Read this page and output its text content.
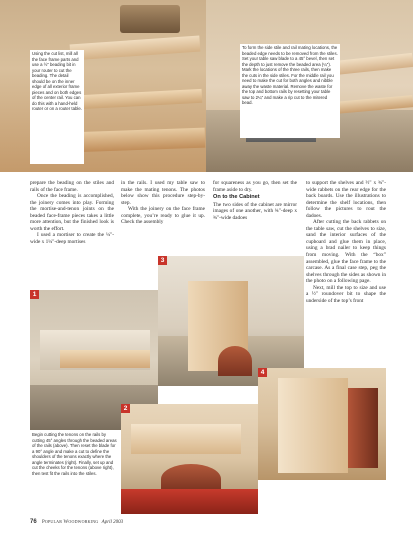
Using the cut list, mill all the face frame parts and use a ½" beading bit in your router to cut the beading. The detail should be on the inner edge of all exterior frame pieces and on both edges of the center rail. You can do this with a hand-held router or on a router table.
To form the side stile and rail mating locations, the beaded edge needs to be removed from the stiles. Set your table saw blade to a 45° bevel, then set the depth to just remove the beaded area (¼"). Mark the locations of the three rails, then make the cuts in the side stiles. For the middle rail you need to make the cut for both angles and nibble away the waste material. Remove the waste for the top and bottom rails by resetting your table saw to 2¼" and make a rip cut to the mitered bead.

prepare the beading on the stiles and rails of the face frame.

Once the beading is accomplished, the joinery comes into play. Forming the mortise-and-tenon joints on the beaded face-frame pieces takes a little more attention, but the finished look is worth the effort.

I used a mortiser to create the ¼"-wide x 1¼"-deep mortises

in the rails. I used my table saw to make the mating tenons. The photos below show this procedure step-by-step.

With the joinery on the face frame complete, you’re ready to glue it up. Check the assembly

for squareness as you go, then set the frame aside to dry.

On to the Cabinet

The two sides of the cabinet are mirror images of one another, with ¾"-deep x ¾"-wide dadoes

to support the shelves and ½" x ¾"-wide rabbets on the rear edge for the back boards. Use the illustrations to determine the shelf locations, then follow the pictures to rout the dadoes.

After cutting the back rabbets on the table saw, cut the shelves to size, sand the interior surfaces of the cupboard and glue them in place, using a brad nailer to keep things from moving. With the “box” assembled, glue the face frame to the carcase. As a final case step, peg the shelves through the sides as shown in the photo on a following page.

Next, mill the top to size and use a ½" roundover bit to shape the underside of the top’s front

3
1
4
2
Begin cutting the tenons on the rails by cutting 45° angles through the beaded areas of the rails (above). Then reset the blade for a 90° angle and make a cut to define the shoulders of the tenons exactly where the angle terminates (right). Finally, set up and cut the cheeks for the tenons (above right), then test fit the rails into the stiles.
76 Popular Woodworking April 2003
